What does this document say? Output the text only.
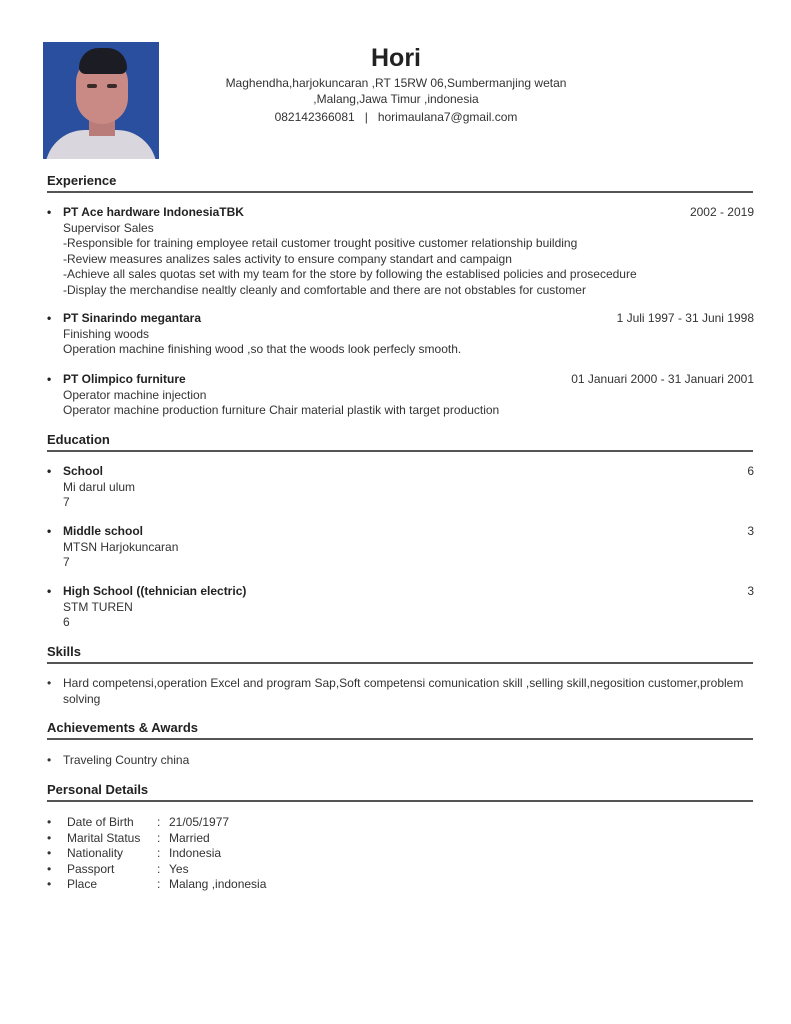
Hori
Maghendha,harjokuncaran ,RT 15RW 06,Sumbermanjing wetan
,Malang,Jawa Timur ,indonesia
082142366081 | horimaulana7@gmail.com
Experience
• PT Ace hardware IndonesiaTBK	2002 - 2019
Supervisor Sales
-Responsible for training employee retail customer trought positive customer relationship building
-Review measures analizes sales activity to ensure company standart and campaign
-Achieve all sales quotas set with my team for the store by following the establised policies and prosecedure
-Display the merchandise nealtly cleanly and comfortable and there are not obstables for customer
• PT Sinarindo megantara	1 Juli 1997 - 31 Juni 1998
Finishing woods
Operation machine finishing wood ,so that the woods look perfecly smooth.
• PT Olimpico furniture	01 Januari 2000 - 31 Januari 2001
Operator machine injection
Operator machine production furniture Chair material plastik with target production
Education
• School	6
Mi darul ulum
7
• Middle school	3
MTSN Harjokuncaran
7
• High School ((tehnician electric)	3
STM TUREN
6
Skills
• Hard competensi,operation Excel and program Sap,Soft competensi comunication skill ,selling skill,negosition customer,problem solving
Achievements & Awards
• Traveling Country china
Personal Details
•	Date of Birth	: 21/05/1977
•	Marital Status	: Married
•	Nationality	: Indonesia
•	Passport	: Yes
•	Place	: Malang ,indonesia
